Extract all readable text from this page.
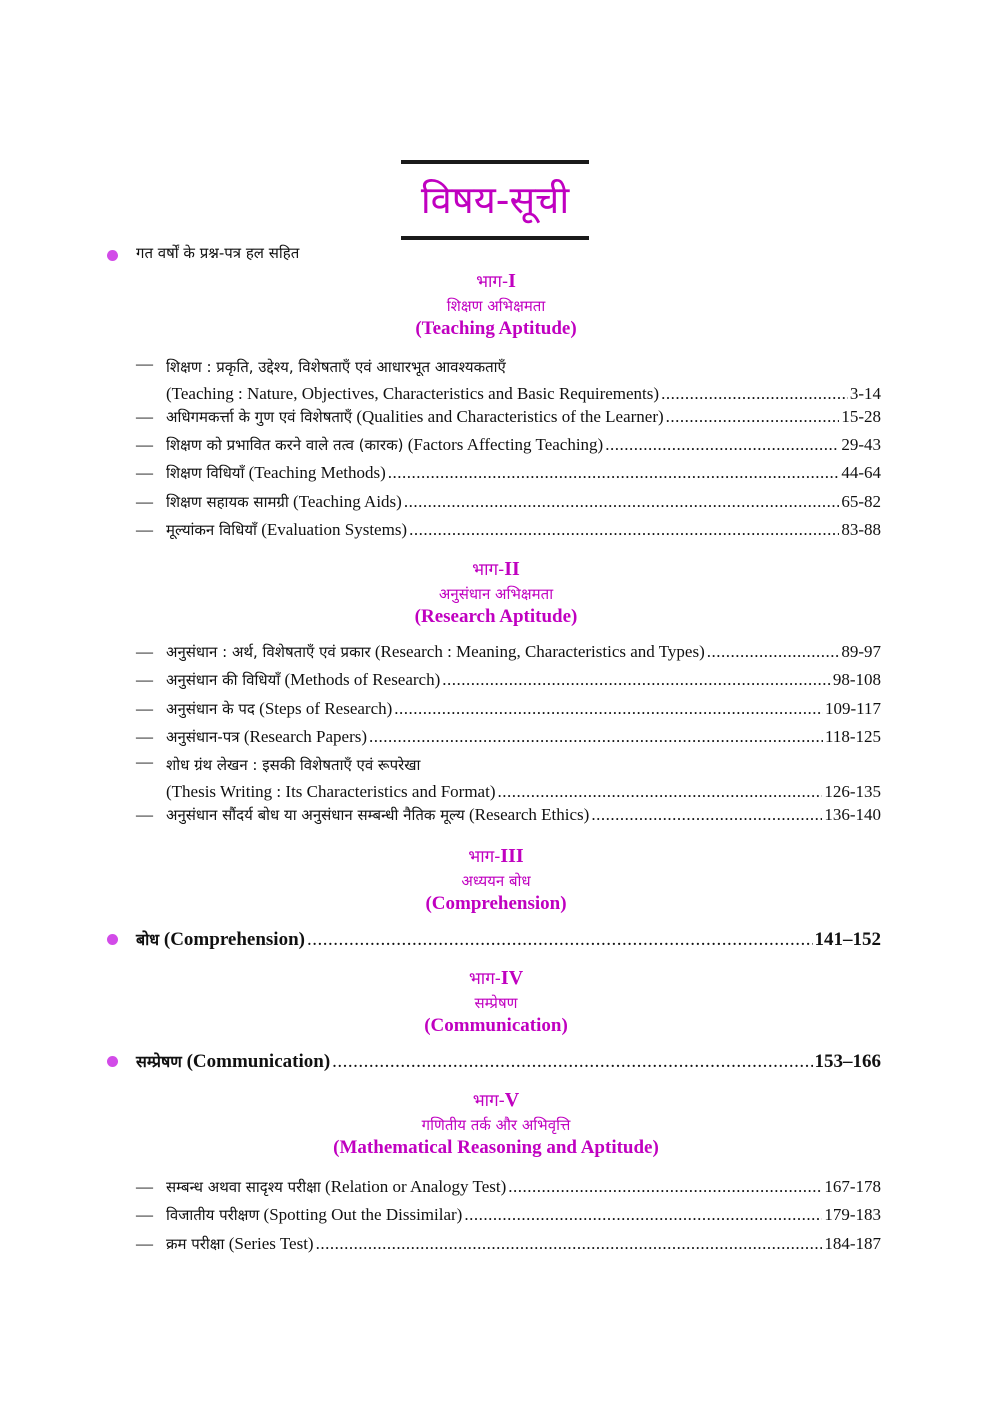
विषय-सूची
गत वर्षों के प्रश्न-पत्र हल सहित
भाग-I
शिक्षण अभिक्षमता
(Teaching Aptitude)
— शिक्षण : प्रकृति, उद्देश्य, विशेषताएँ एवं आधारभूत आवश्यकताएँ
(Teaching : Nature, Objectives, Characteristics and Basic Requirements) .....	3-14
— अधिगमकर्त्ता के गुण एवं विशेषताएँ (Qualities and Characteristics of the Learner) .....	15-28
— शिक्षण को प्रभावित करने वाले तत्व (कारक) (Factors Affecting Teaching) .....	29-43
— शिक्षण विधियाँ (Teaching Methods) .....	44-64
— शिक्षण सहायक सामग्री (Teaching Aids) .....	65-82
— मूल्यांकन विधियाँ (Evaluation Systems) .....	83-88
भाग-II
अनुसंधान अभिक्षमता
(Research Aptitude)
— अनुसंधान : अर्थ, विशेषताएँ एवं प्रकार (Research : Meaning, Characteristics and Types) .....	89-97
— अनुसंधान की विधियाँ (Methods of Research) .....	98-108
— अनुसंधान के पद (Steps of Research) .....	109-117
— अनुसंधान-पत्र (Research Papers) .....	118-125
— शोध ग्रंथ लेखन : इसकी विशेषताएँ एवं रूपरेखा
(Thesis Writing : Its Characteristics and Format) .....	126-135
— अनुसंधान सौंदर्य बोध या अनुसंधान सम्बन्धी नैतिक मूल्य (Research Ethics) .....	136-140
भाग-III
अध्ययन बोध
(Comprehension)
बोध (Comprehension) .....	141–152
भाग-IV
सम्प्रेषण
(Communication)
सम्प्रेषण (Communication) .....	153–166
भाग-V
गणितीय तर्क और अभिवृत्ति
(Mathematical Reasoning and Aptitude)
— सम्बन्ध अथवा सादृश्य परीक्षा (Relation or Analogy Test) .....	167-178
— विजातीय परीक्षण (Spotting Out the Dissimilar) .....	179-183
— क्रम परीक्षा (Series Test) .....	184-187
